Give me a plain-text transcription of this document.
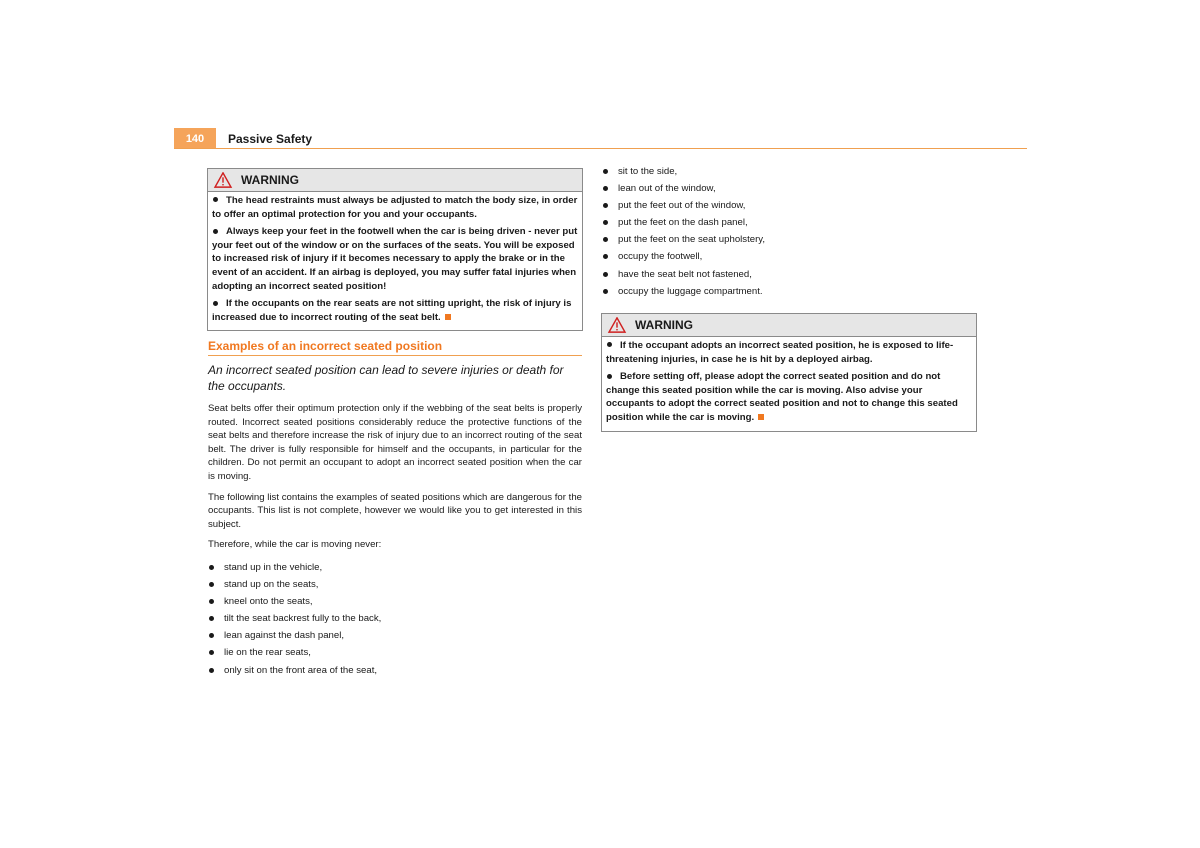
140	Passive Safety
WARNING

The head restraints must always be adjusted to match the body size, in order to offer an optimal protection for you and your occupants.

Always keep your feet in the footwell when the car is being driven - never put your feet out of the window or on the surfaces of the seats. You will be exposed to increased risk of injury if it becomes necessary to apply the brake or in the event of an accident. If an airbag is deployed, you may suffer fatal injuries when adopting an incorrect seated position!

If the occupants on the rear seats are not sitting upright, the risk of injury is increased due to incorrect routing of the seat belt.

Examples of an incorrect seated position

An incorrect seated position can lead to severe injuries or death for the occupants.

Seat belts offer their optimum protection only if the webbing of the seat belts is properly routed. Incorrect seated positions considerably reduce the protective functions of the seat belts and therefore increase the risk of injury due to an incorrect routing of the seat belt. The driver is fully responsible for himself and the occupants, in particular for the children. Do not permit an occupant to adopt an incorrect seated position when the car is moving.

The following list contains the examples of seated positions which are dangerous for the occupants. This list is not complete, however we would like you to get interested in this subject.

Therefore, while the car is moving never:

stand up in the vehicle,
stand up on the seats,
kneel onto the seats,
tilt the seat backrest fully to the back,
lean against the dash panel,
lie on the rear seats,
only sit on the front area of the seat,
sit to the side,
lean out of the window,
put the feet out of the window,
put the feet on the dash panel,
put the feet on the seat upholstery,
occupy the footwell,
have the seat belt not fastened,
occupy the luggage compartment.
WARNING

If the occupant adopts an incorrect seated position, he is exposed to life-threatening injuries, in case he is hit by a deployed airbag.

Before setting off, please adopt the correct seated position and do not change this seated position while the car is moving. Also advise your occupants to adopt the correct seated position and not to change this seated position while the car is moving.
